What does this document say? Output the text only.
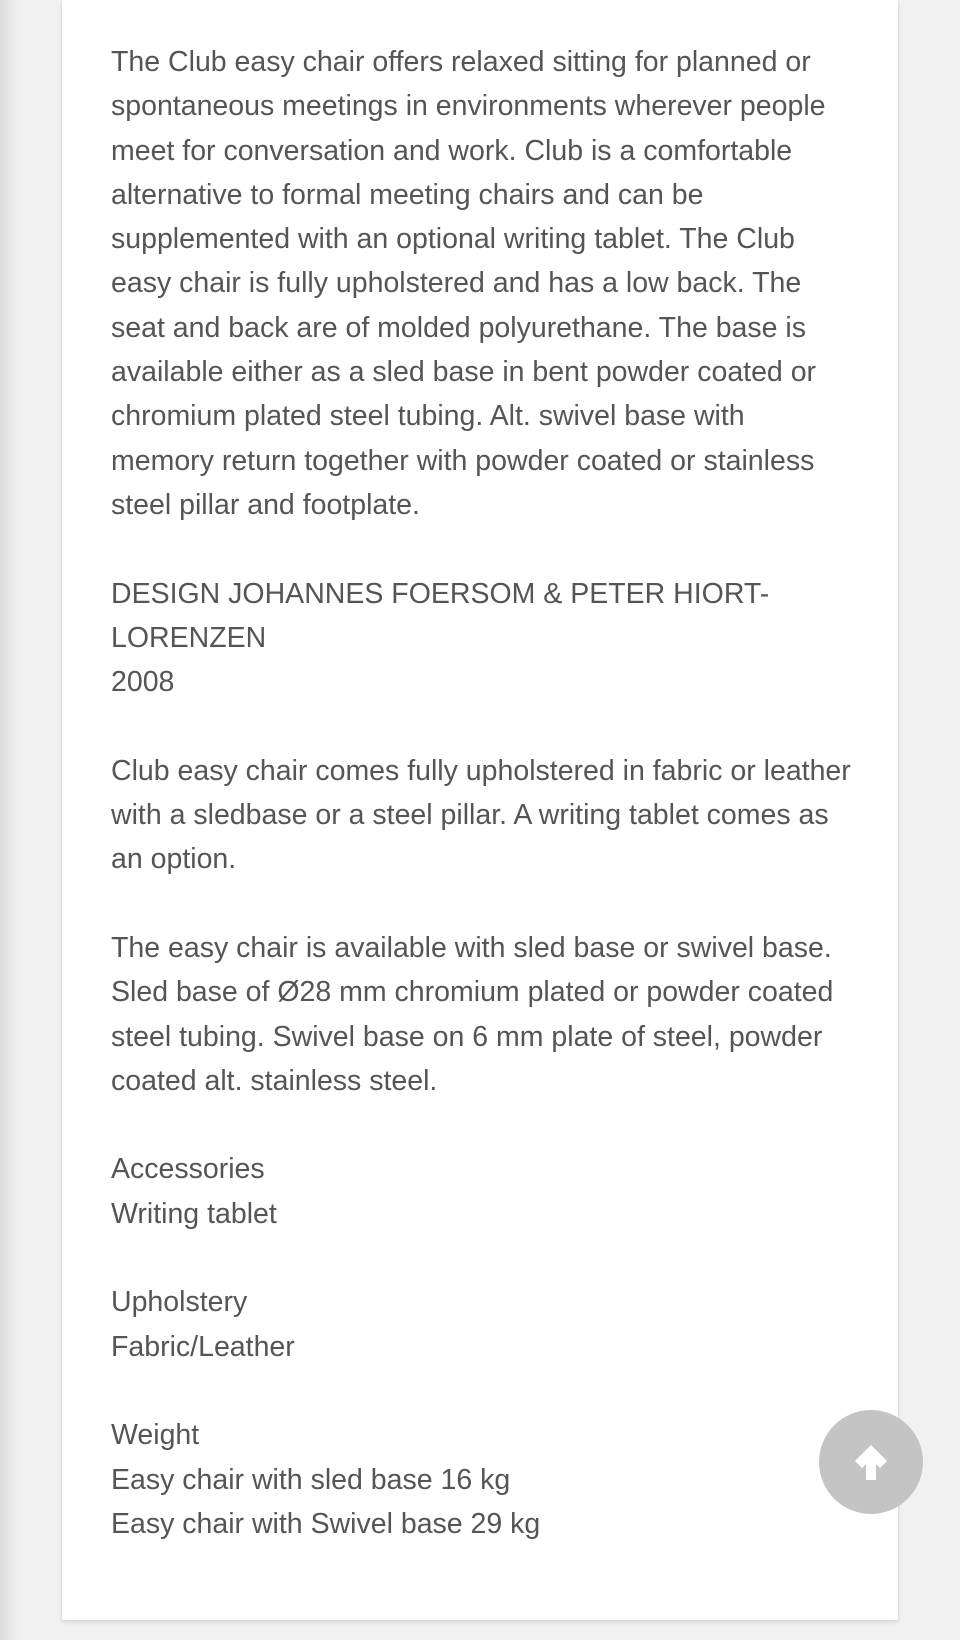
The Club easy chair offers relaxed sitting for planned or spontaneous meetings in environments wherever people meet for conversation and work. Club is a comfortable alternative to formal meeting chairs and can be supplemented with an optional writing tablet. The Club easy chair is fully upholstered and has a low back. The seat and back are of molded polyurethane. The base is available either as a sled base in bent powder coated or chromium plated steel tubing. Alt. swivel base with memory return together with powder coated or stainless steel pillar and footplate.

DESIGN JOHANNES FOERSOM & PETER HIORT-LORENZEN
2008

Club easy chair comes fully upholstered in fabric or leather with a sledbase or a steel pillar. A writing tablet comes as an option.

The easy chair is available with sled base or swivel base. Sled base of Ø28 mm chromium plated or powder coated steel tubing. Swivel base on 6 mm plate of steel, powder coated alt. stainless steel.

Accessories
Writing tablet
Upholstery
Fabric/Leather
Weight
Easy chair with sled base 16 kg
Easy chair with Swivel base 29 kg
